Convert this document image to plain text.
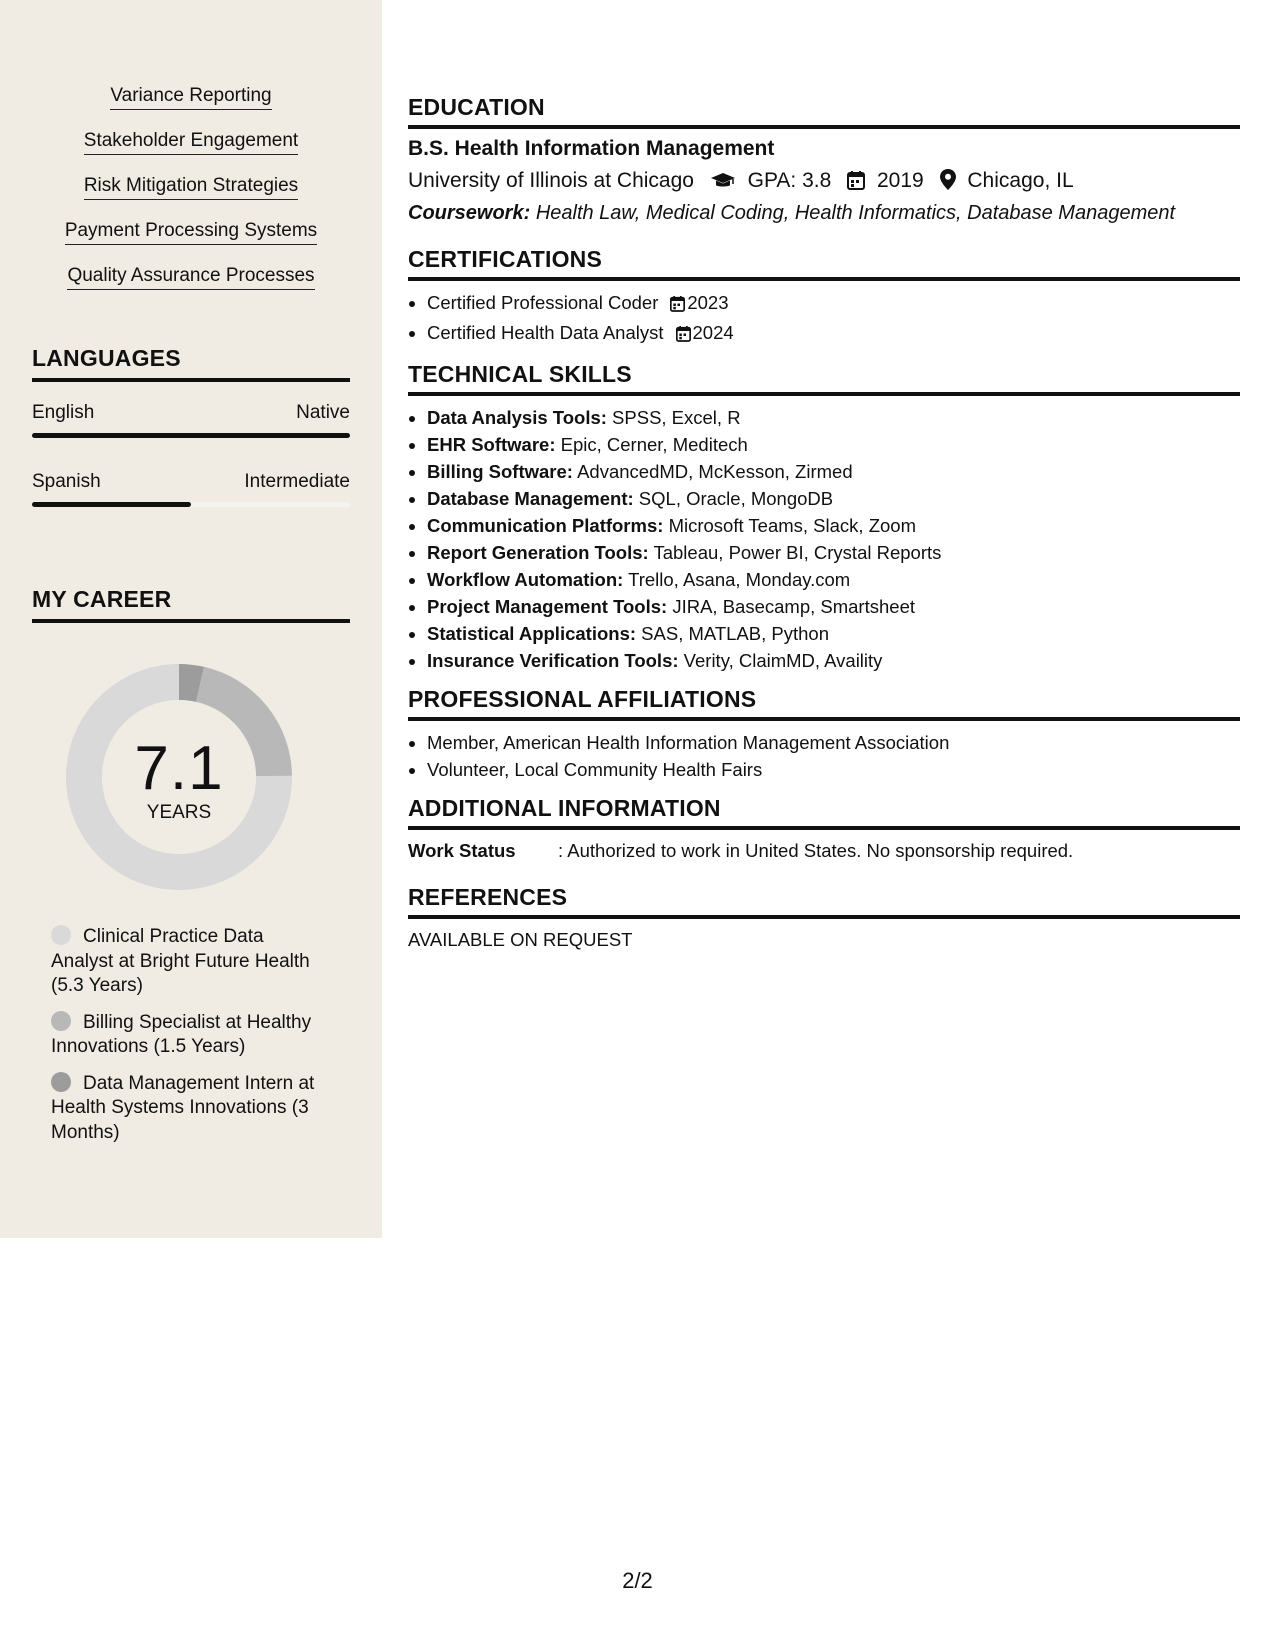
Variance Reporting
Stakeholder Engagement
Risk Mitigation Strategies
Payment Processing Systems
Quality Assurance Processes
LANGUAGES
English	Native
Spanish	Intermediate
MY CAREER
7.1
YEARS
Clinical Practice Data Analyst at Bright Future Health (5.3 Years)
Billing Specialist at Healthy Innovations (1.5 Years)
Data Management Intern at Health Systems Innovations (3 Months)
EDUCATION
B.S. Health Information Management
University of Illinois at Chicago	GPA: 3.8 2019 Chicago, IL
Coursework: Health Law, Medical Coding, Health Informatics, Database Management
CERTIFICATIONS
• Certified Professional Coder 2023
• Certified Health Data Analyst 2024
TECHNICAL SKILLS
• Data Analysis Tools: SPSS, Excel, R
• EHR Software: Epic, Cerner, Meditech
• Billing Software: AdvancedMD, McKesson, Zirmed
• Database Management: SQL, Oracle, MongoDB
• Communication Platforms: Microsoft Teams, Slack, Zoom
• Report Generation Tools: Tableau, Power BI, Crystal Reports
• Workflow Automation: Trello, Asana, Monday.com
• Project Management Tools: JIRA, Basecamp, Smartsheet
• Statistical Applications: SAS, MATLAB, Python
• Insurance Verification Tools: Verity, ClaimMD, Availity
PROFESSIONAL AFFILIATIONS
• Member, American Health Information Management Association
• Volunteer, Local Community Health Fairs
ADDITIONAL INFORMATION
Work Status : Authorized to work in United States. No sponsorship required.
REFERENCES
AVAILABLE ON REQUEST
2/2
